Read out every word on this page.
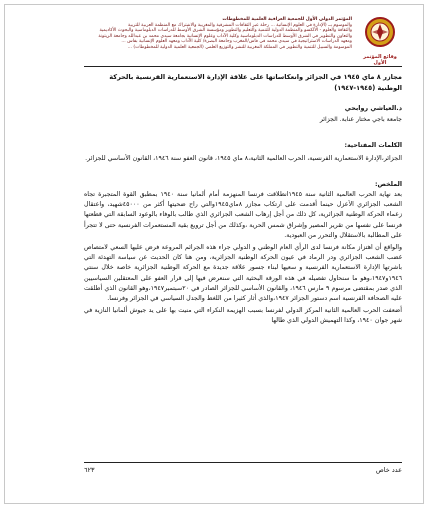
وقائع المؤتمر الأول
المؤتمر الدولي الأول للجمعية العراقية العلمية للمخطوطات
والموسوم بــ (الإدارة في العلوم الإنسانية ... رحلة عبر الثقافات المشرقية والمغربية والاشتراك مع المنظمة العربية للتربية
والثقافة والعلوم - الألكسو والمنظمة الدولية للتنمية والتعليم والتطوير ومؤسسة الشرق الأوسط للدراسات الدبلوماسية والبحوث الأكاديمية
والتعاون والتطوير في الشرق الأوسط للدراسات الدبلوماسية وكلية الآداب وعلوم الإنسانية بجامعة سيدي محمد بن عبدالله وجامعة الزيتونة
ومعهد الدراسات الاستراتيجية في سيدي محمد في فاس/المغرب وجامعة البصرة/ كلية الآداب ومعهد العلوم الإنسانية بفاس ...
الموسومة والسبيل للتنمية والتطوير في المملكة المغربية للنشر والتوزيع العلمي (الجمعية العلمية الدولية للمخطوطات) ...
مجازر ٨ ماي ١٩٤٥ في الجزائر وانعكاساتها على علاقة الإدارة الاستعمارية الفرنسية بالحركة الوطنية (١٩٤٥-١٩٤٧)
د.العياشي روابحي
جامعة باجي مختار عنابة. الجزائر
الكلمات المفتاحية:
الجزائر،الإدارة الاستعمارية الفرنسية، الحرب العالمية الثانية،٨ ماي ١٩٤٥، قانون العفو سنة ١٩٤٦، القانون الأساسي للجزائر.
الملخص:

بعد نهاية الحرب العالمية الثانية سنة ١٩٤٥انطلاقت فرنسا المنهزمة أمام ألمانيا سنة ١٩٤٠ بمطبق القوة المتجبرة تجاه الشعب الجزائري الأعزل حينما أقدمت على ارتكاب مجازر ٨ماي١٩٤٥والتي راح ضحيتها أكثر من ٤٥٠٠٠شهيد، واعتقال زعماء الحركة الوطنية الجزائرية، كل ذلك من أجل إرهاب الشعب الجزائري الذي طالب بالوفاء بالوعود السابقة التي قطعتها فرنسا على نفسها من تقرير المصير وإشراق شمس الحرية ،وكذلك من أجل ترويع بقية المستعمرات الفرنسية حتى لا تتجرأ على المطالبة بالاستقلال والتحرر من العبودية.

والواقع أن اهتزاز مكانة فرنسا لدى الرأي العام الوطني و الدولي جراء هذه الجرائم المروعة فرض عليها السعي لامتصاص غضب الشعب الجزائري ودر الرماد في عيون الحركة الوطنية الجزائرية، ومن هنا كان الحديث عن سياسة التهدئة التي باشرتها الإدارة الاستعمارية الفرنسية و سعيها لبناء جسور علاقة جديدة مع الحركة الوطنية الجزائرية خاصة خلال سنتي ١٩٤٦و١٩٤٧،وهو ما سنحاول تفصيله في هذه الورقة البحثية التي سنعرض فيها إلى قرار العفو على المعتقلين السياسيين الذي صدر بمقتضى مرسوم ٩ مارس ١٩٤٦، والقانون الأساسي للجزائر الصادر في ٢٠سبتمبر١٩٤٧،وهو القانون الذي أطلقت عليه الصحافة الفرنسية اسم دستور الجزائر ١٩٤٧،والذي أثار كثيرا من اللغط والجدل السياسي في الجزائر وفرنسا.

أضعفت الحرب العالمية الثانية المركز الدولي لفرنسا بسبب الهزيمة النكراء التي منيت بها على يد جيوش ألمانيا النازية في شهر جوان ١٩٤٠، وكذا التهميش الدولي الذي طالها

٦٢٣	عدد خاص
